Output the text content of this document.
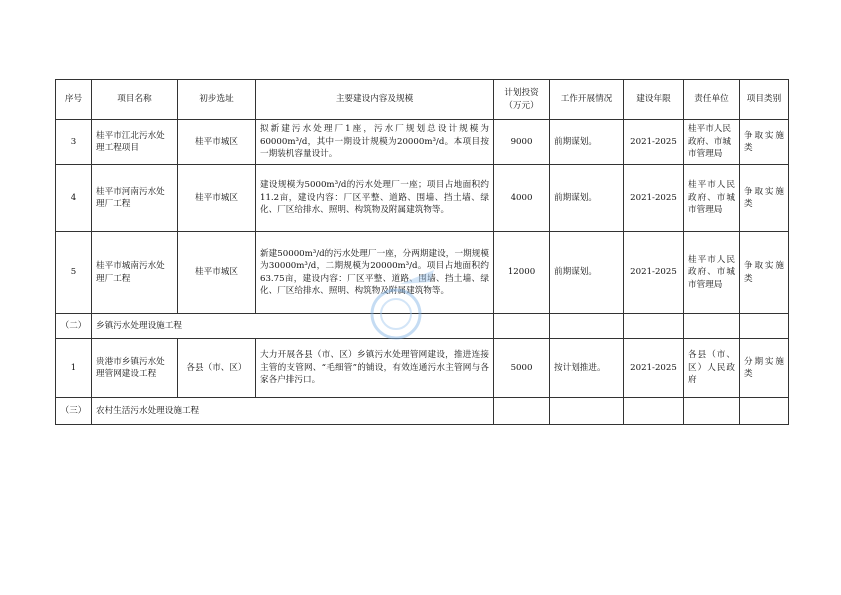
序号	项目名称	初步选址	主要建设内容及规模	计划投资（万元）	工作开展情况	建设年限	责任单位	项目类别
3	桂平市江北污水处理工程项目	桂平市城区	拟新建污水处理厂1座，污水厂规划总设计规模为60000m³/d，其中一期设计规模为20000m³/d。本项目按一期装机容量设计。	9000	前期谋划。	2021-2025	桂平市人民政府、市城市管理局	争取实施类
4	桂平市河南污水处理厂工程	桂平市城区	建设规模为5000m³/d的污水处理厂一座；项目占地面积约11.2亩，建设内容：厂区平整、道路、围墙、挡土墙、绿化、厂区给排水、照明、构筑物及附属建筑物等。	4000	前期谋划。	2021-2025	桂平市人民政府、市城市管理局	争取实施类
5	桂平市城南污水处理厂工程	桂平市城区	新建50000m³/d的污水处理厂一座，分两期建设，一期规模为30000m³/d，二期规模为20000m³/d。项目占地面积约63.75亩，建设内容：厂区平整、道路、围墙、挡土墙、绿化、厂区给排水、照明、构筑物及附属建筑物等。	12000	前期谋划。	2021-2025	桂平市人民政府、市城市管理局	争取实施类
（二）	乡镇污水处理设施工程							
1	贵港市乡镇污水处理管网建设工程	各县（市、区）	大力开展各县（市、区）乡镇污水处理管网建设，推进连接主管的支管网、“毛细管”的铺设，有效连通污水主管网与各家各户排污口。	5000	按计划推进。	2021-2025	各县（市、区）人民政府	分期实施类
（三）	农村生活污水处理设施工程							
